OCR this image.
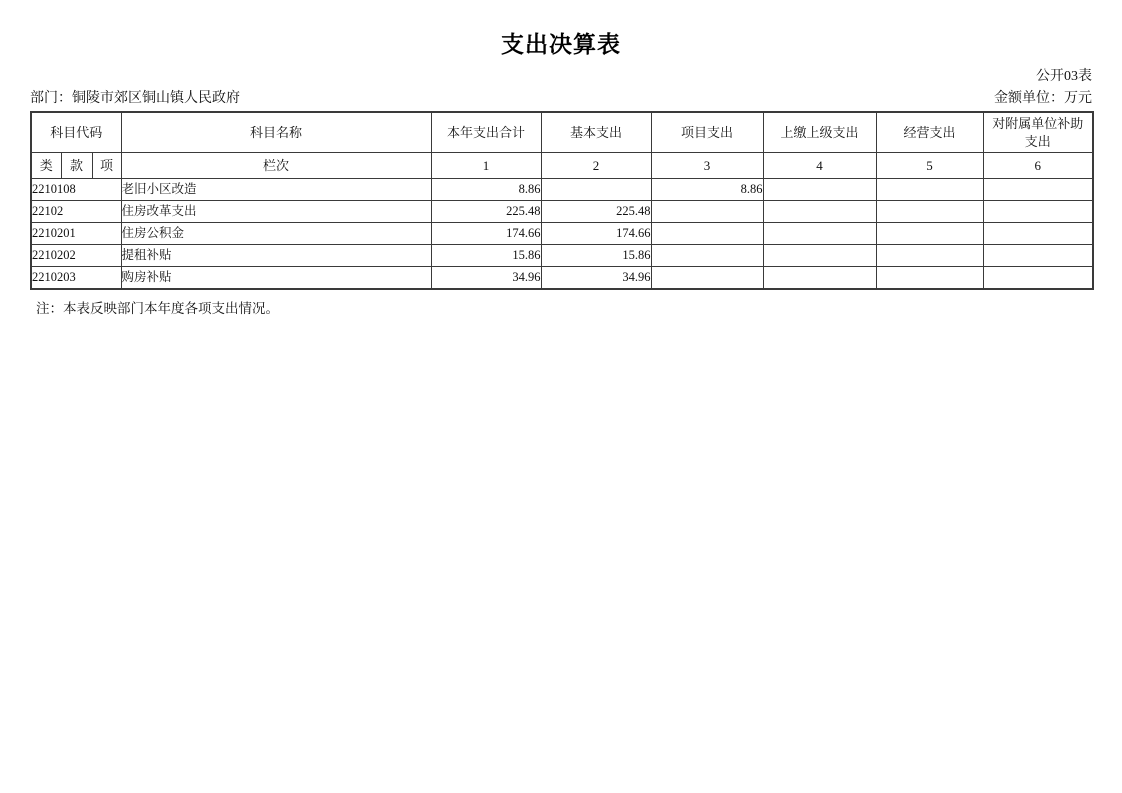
支出决算表
公开03表
部门：铜陵市郊区铜山镇人民政府	金额单位：万元
科目代码			科目名称	本年支出合计	基本支出	项目支出	上缴上级支出	经营支出	对附属单位补助支出
类	款	项	栏次	1	2	3	4	5	6
2210108			老旧小区改造	8.86		8.86			
22102			住房改革支出	225.48	225.48				
2210201			住房公积金	174.66	174.66				
2210202			提租补贴	15.86	15.86				
2210203			购房补贴	34.96	34.96				
注：本表反映部门本年度各项支出情况。
